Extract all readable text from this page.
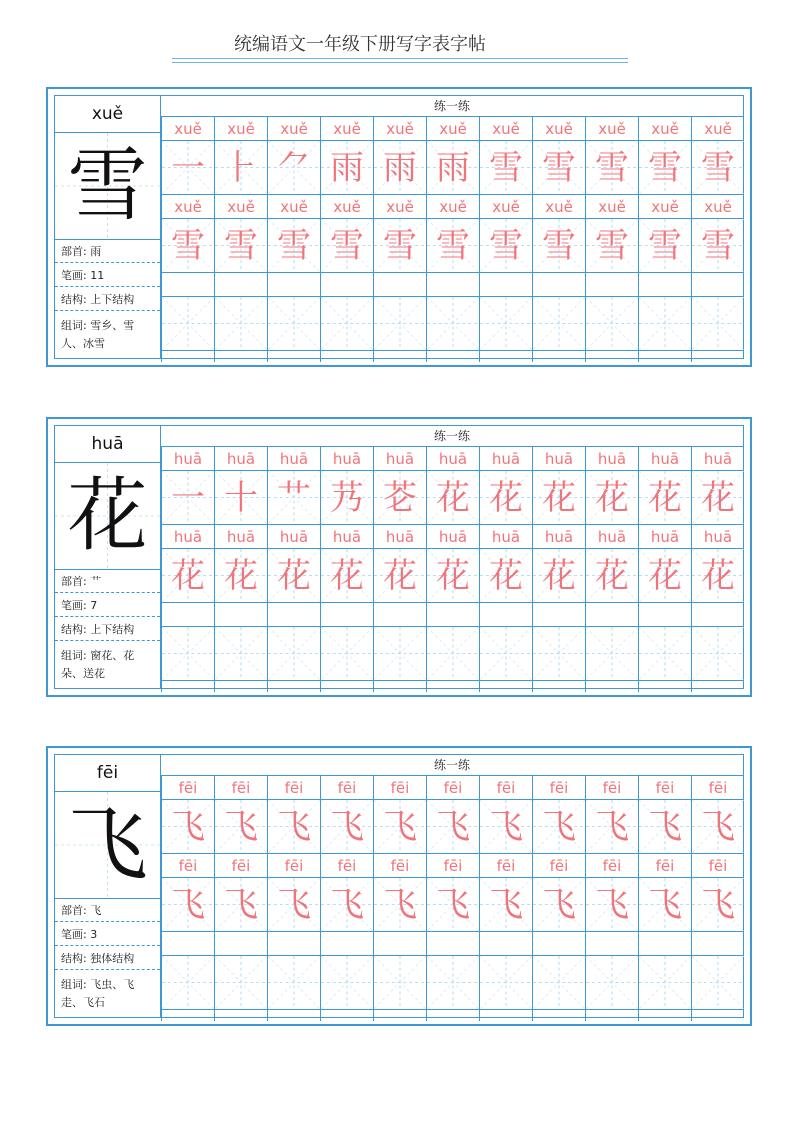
统编语文一年级下册写字表字帖
xuě
雪
部首: 雨
笔画: 11
结构: 上下结构
组词: 雪乡、雪人、冰雪
练一练
xuě
一
xuě
雪
xuě
⺊
xuě
雪
xuě
⺈
xuě
雪
xuě
雨
xuě
雪
xuě
雨
xuě
雪
xuě
雨
xuě
雪
xuě
雪
xuě
雪
xuě
雪
xuě
雪
xuě
雪
xuě
雪
xuě
雪
xuě
雪
xuě
雪
xuě
雪
huā
花
部首: 艹
笔画: 7
结构: 上下结构
组词: 窗花、花朵、送花
练一练
huā
一
huā
花
huā
十
huā
花
huā
艹
huā
花
huā
艿
huā
花
huā
芲
huā
花
huā
花
huā
花
huā
花
huā
花
huā
花
huā
花
huā
花
huā
花
huā
花
huā
花
huā
花
huā
花
fēi
飞
部首: 飞
笔画: 3
结构: 独体结构
组词: 飞虫、飞走、飞石
练一练
fēi
飞
fēi
飞
fēi
飞
fēi
飞
fēi
飞
fēi
飞
fēi
飞
fēi
飞
fēi
飞
fēi
飞
fēi
飞
fēi
飞
fēi
飞
fēi
飞
fēi
飞
fēi
飞
fēi
飞
fēi
飞
fēi
飞
fēi
飞
fēi
飞
fēi
飞
